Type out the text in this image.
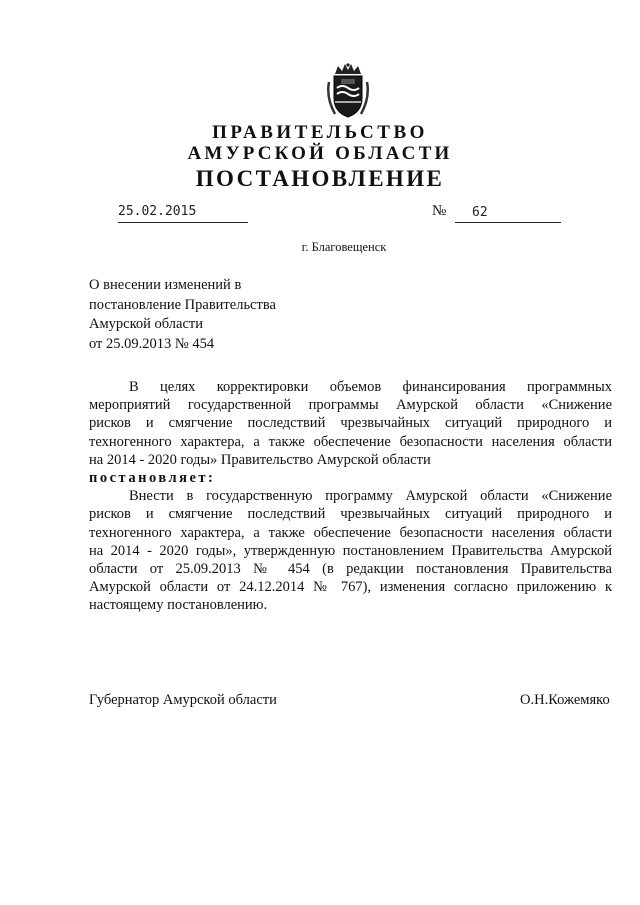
ПРАВИТЕЛЬСТВО
АМУРСКОЙ ОБЛАСТИ
ПОСТАНОВЛЕНИЕ
25.02.2015	№ 62
г. Благовещенск
О внесении изменений в
постановление Правительства
Амурской области
от 25.09.2013 № 454
В целях корректировки объемов финансирования программных
мероприятий государственной программы Амурской области «Снижение
рисков и смягчение последствий чрезвычайных ситуаций природного и
техногенного характера, а также обеспечение безопасности населения области
на 2014 - 2020 годы» Правительство Амурской области
постановляет:
Внести в государственную программу Амурской области «Снижение
рисков и смягчение последствий чрезвычайных ситуаций природного и
техногенного характера, а также обеспечение безопасности населения области
на 2014 - 2020 годы», утвержденную постановлением Правительства Амурской
области от 25.09.2013 № 454 (в редакции постановления Правительства
Амурской области от 24.12.2014 № 767), изменения согласно приложению к
настоящему постановлению.
Губернатор Амурской области	О.Н.Кожемяко
